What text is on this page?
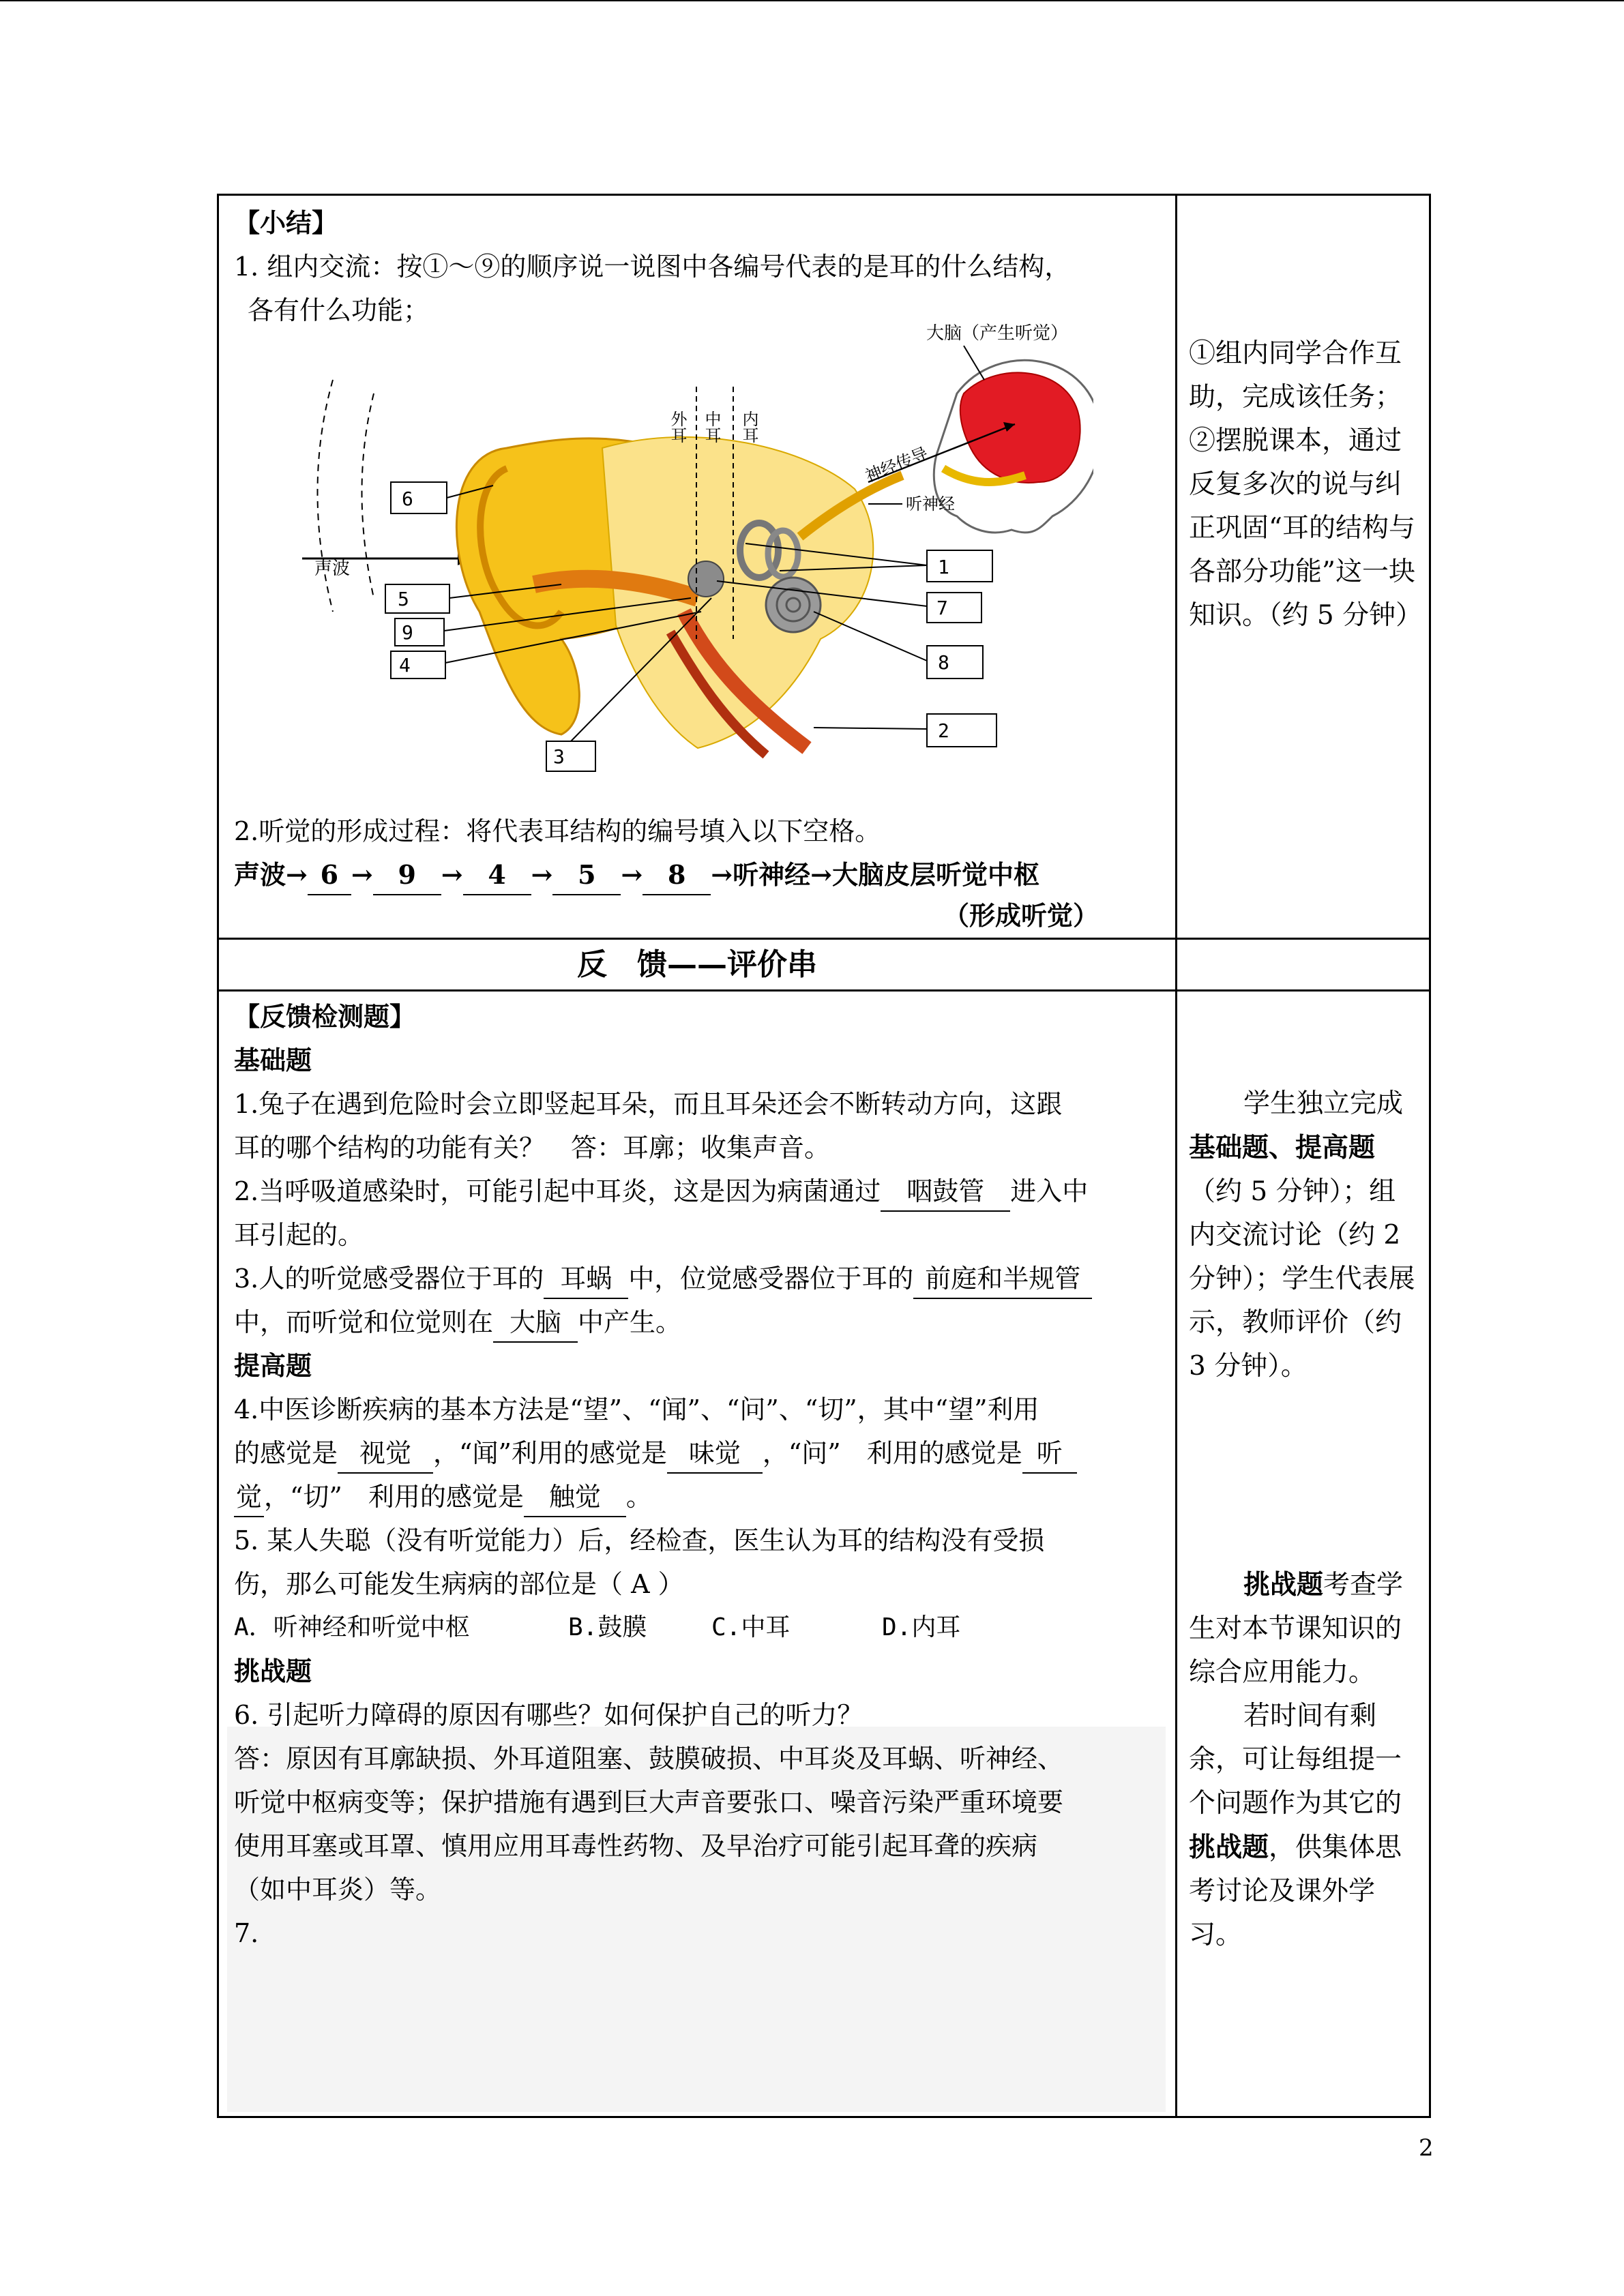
【小结】
1. 组内交流：按①～⑨的顺序说一说图中各编号代表的是耳的什么结构，
各有什么功能；
声波
外耳 中耳 内耳
大脑（产生听觉）
神经传导
听神经
6
5
9
4
3
1
7
8
2
2.听觉的形成过程：将代表耳结构的编号填入以下空格。
声波→ 6 → 9 → 4 → 5 → 8 →听神经→大脑皮层听觉中枢
（形成听觉）
①组内同学合作互助，完成该任务；
②摆脱课本，通过反复多次的说与纠正巩固“耳的结构与各部分功能”这一块知识。（约 5 分钟）
反　馈——评价串
【反馈检测题】
基础题
1.兔子在遇到危险时会立即竖起耳朵，而且耳朵还会不断转动方向，这跟
耳的哪个结构的功能有关？　答：耳廓；收集声音。
2.当呼吸道感染时，可能引起中耳炎，这是因为病菌通过 咽鼓管 进入中
耳引起的。
3.人的听觉感受器位于耳的 耳蜗 中，位觉感受器位于耳的 前庭和半规管
中，而听觉和位觉则在 大脑 中产生。
提高题
4.中医诊断疾病的基本方法是“望”、“闻”、“问”、“切”，其中“望”利用
的感觉是 视觉 ，“闻”利用的感觉是 味觉 ，“问”　利用的感觉是 听
觉，“切”　利用的感觉是 触觉 。
5. 某人失聪（没有听觉能力）后，经检查，医生认为耳的结构没有受损
伤，那么可能发生病病的部位是（ A ）
A．听神经和听觉中枢	B.鼓膜	C.中耳	D.内耳
挑战题
6. 引起听力障碍的原因有哪些？如何保护自己的听力？
答：原因有耳廓缺损、外耳道阻塞、鼓膜破损、中耳炎及耳蜗、听神经、
听觉中枢病变等；保护措施有遇到巨大声音要张口、噪音污染严重环境要
使用耳塞或耳罩、慎用应用耳毒性药物、及早治疗可能引起耳聋的疾病
（如中耳炎）等。
7.
学生独立完成基础题、提高题（约 5 分钟）；组内交流讨论（约 2 分钟）；学生代表展示，教师评价（约 3 分钟）。
挑战题考查学生对本节课知识的综合应用能力。
若时间有剩余，可让每组提一个问题作为其它的挑战题，供集体思考讨论及课外学习。
2
